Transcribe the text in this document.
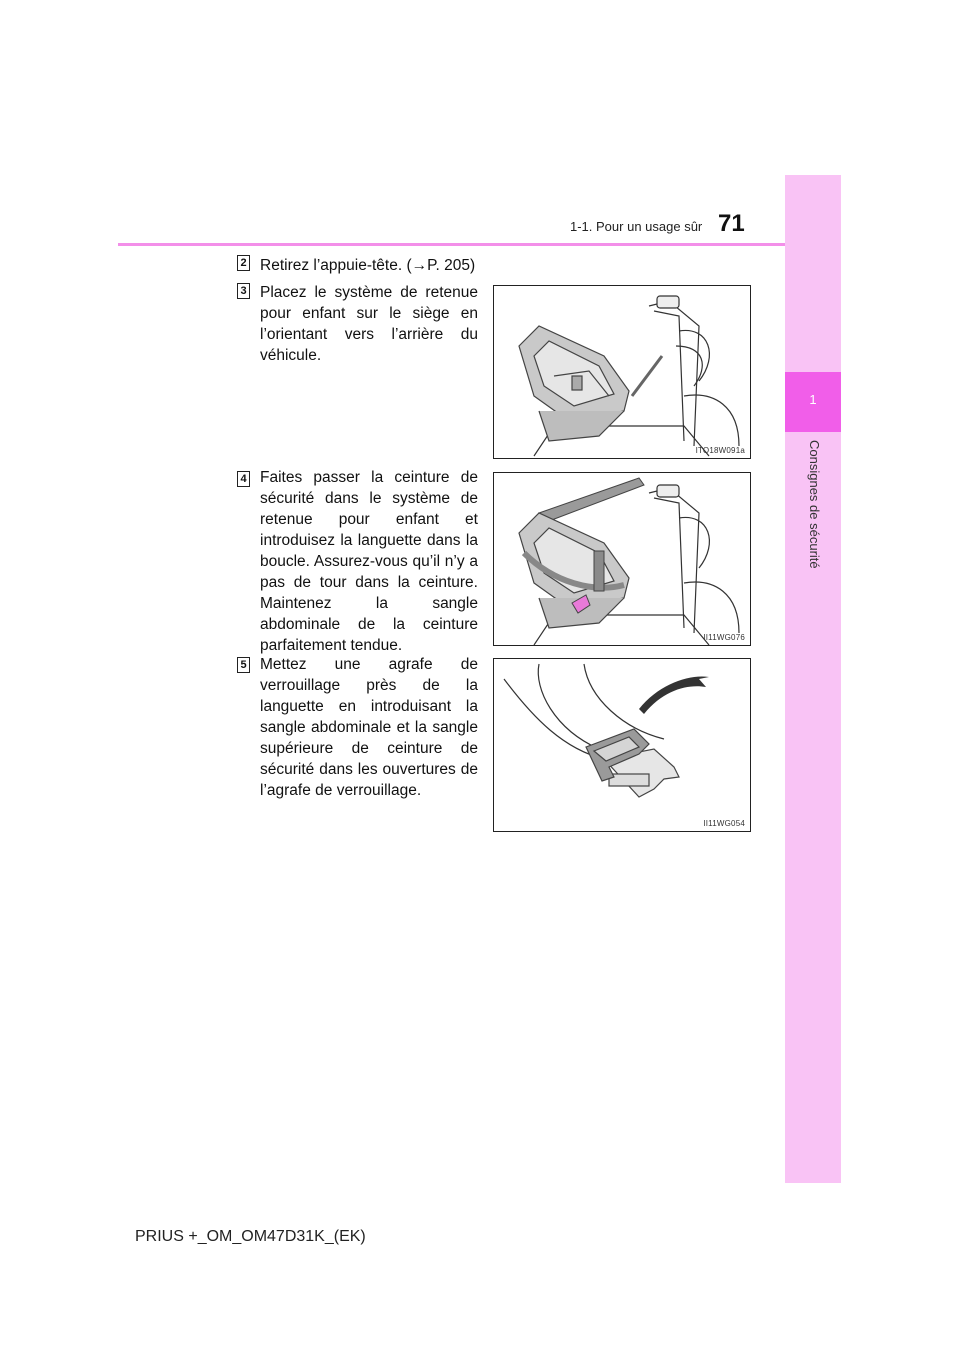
1
Consignes de sécurité
1-1. Pour un usage sûr 71
2 Retirez l’appuie-tête. (→P. 205)
3 Placez le système de retenue pour enfant sur le siège en l’orientant vers l’arrière du véhicule.
ITO18W091a
4 Faites passer la ceinture de sécurité dans le système de retenue pour enfant et introduisez la languette dans la boucle. Assurez-vous qu’il n’y a pas de tour dans la ceinture. Maintenez la sangle abdominale de la ceinture parfaitement tendue.	II11WG076
5 Mettez une agrafe de verrouillage près de la languette en introduisant la sangle abdominale et la sangle supérieure de ceinture de sécurité dans les ouvertures de l’agrafe de verrouillage.
II11WG054
PRIUS +_OM_OM47D31K_(EK)
